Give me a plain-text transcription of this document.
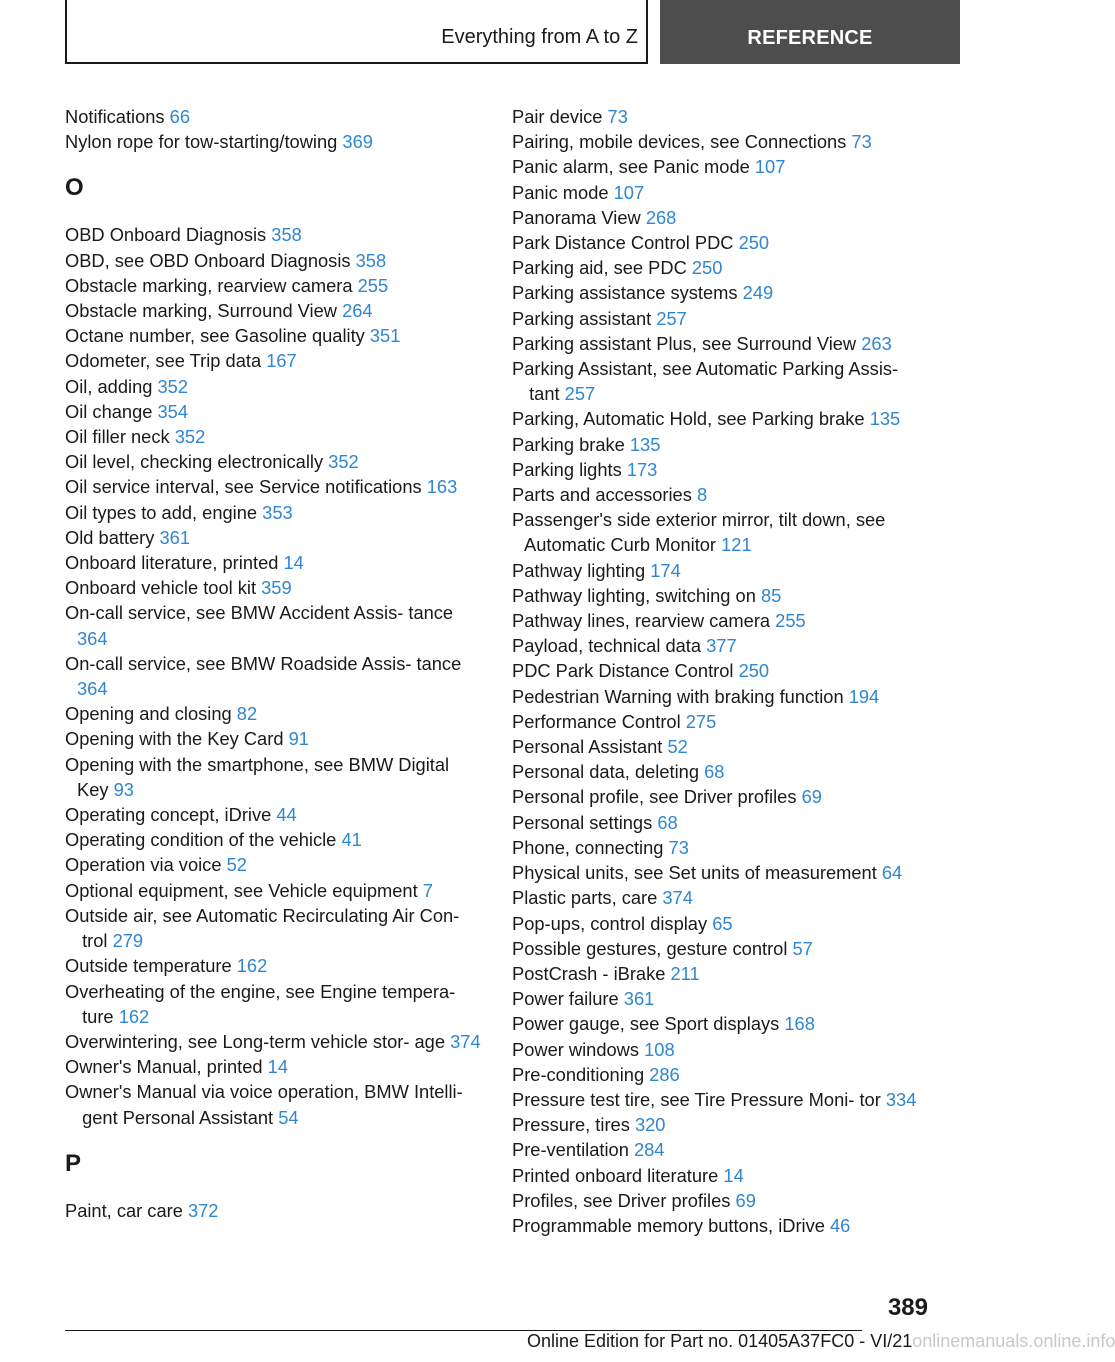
Everything from A to Z	REFERENCE

Notifications 66

Nylon rope for tow-starting/towing 369

O

OBD Onboard Diagnosis 358

OBD, see OBD Onboard Diagnosis 358

Obstacle marking, rearview camera 255

Obstacle marking, Surround View 264

Octane number, see Gasoline quality 351

Odometer, see Trip data 167

Oil, adding 352

Oil change 354

Oil filler neck 352

Oil level, checking electronically 352

Oil service interval, see Service notifications 163

Oil types to add, engine 353

Old battery 361

Onboard literature, printed 14

Onboard vehicle tool kit 359

On-call service, see BMW Accident Assis‐ tance 364

On-call service, see BMW Roadside Assis‐ tance 364

Opening and closing 82

Opening with the Key Card 91

Opening with the smartphone, see BMW Digital Key 93

Operating concept, iDrive 44

Operating condition of the vehicle 41

Operation via voice 52

Optional equipment, see Vehicle equipment 7

Outside air, see Automatic Recirculating Air Con‐ trol 279

Outside temperature 162

Overheating of the engine, see Engine tempera‐ ture 162

Overwintering, see Long-term vehicle stor‐ age 374

Owner's Manual, printed 14

Owner's Manual via voice operation, BMW Intelli‐ gent Personal Assistant 54

P

Paint, car care 372

Pair device 73

Pairing, mobile devices, see Connections 73

Panic alarm, see Panic mode 107

Panic mode 107

Panorama View 268

Park Distance Control PDC 250

Parking aid, see PDC 250

Parking assistance systems 249

Parking assistant 257

Parking assistant Plus, see Surround View 263

Parking Assistant, see Automatic Parking Assis‐ tant 257

Parking, Automatic Hold, see Parking brake 135

Parking brake 135

Parking lights 173

Parts and accessories 8

Passenger's side exterior mirror, tilt down, see Automatic Curb Monitor 121

Pathway lighting 174

Pathway lighting, switching on 85

Pathway lines, rearview camera 255

Payload, technical data 377

PDC Park Distance Control 250

Pedestrian Warning with braking function 194

Performance Control 275

Personal Assistant 52

Personal data, deleting 68

Personal profile, see Driver profiles 69

Personal settings 68

Phone, connecting 73

Physical units, see Set units of measurement 64

Plastic parts, care 374

Pop-ups, control display 65

Possible gestures, gesture control 57

PostCrash - iBrake 211

Power failure 361

Power gauge, see Sport displays 168

Power windows 108

Pre-conditioning 286

Pressure test tire, see Tire Pressure Moni‐ tor 334

Pressure, tires 320

Pre-ventilation 284

Printed onboard literature 14

Profiles, see Driver profiles 69

Programmable memory buttons, iDrive 46

389
Online Edition for Part no. 01405A37FC0 - VI/21onlinemanuals.online.info
